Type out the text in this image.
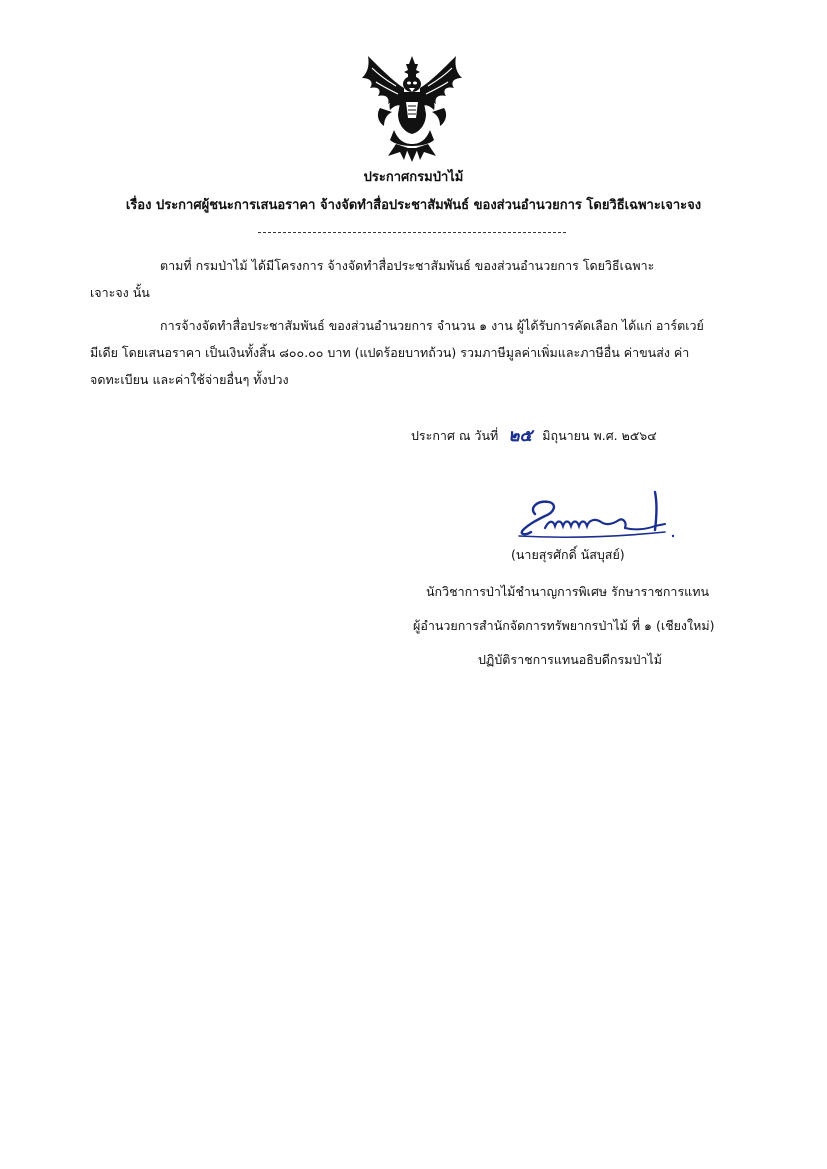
ประกาศกรมป่าไม้
เรื่อง ประกาศผู้ชนะการเสนอราคา จ้างจัดทำสื่อประชาสัมพันธ์ ของส่วนอำนวยการ โดยวิธีเฉพาะเจาะจง
ตามที่ กรมป่าไม้ ได้มีโครงการ จ้างจัดทำสื่อประชาสัมพันธ์ ของส่วนอำนวยการ โดยวิธีเฉพาะ
เจาะจง นั้น
การจ้างจัดทำสื่อประชาสัมพันธ์ ของส่วนอำนวยการ จำนวน ๑ งาน ผู้ได้รับการคัดเลือก ได้แก่ อาร์ตเวย์
มีเดีย โดยเสนอราคา เป็นเงินทั้งสิ้น ๘๐๐.๐๐ บาท (แปดร้อยบาทถ้วน) รวมภาษีมูลค่าเพิ่มและภาษีอื่น ค่าขนส่ง ค่า
จดทะเบียน และค่าใช้จ่ายอื่นๆ ทั้งปวง
ประกาศ ณ วันที่ ๒๕ มิถุนายน พ.ศ. ๒๕๖๔
(นายสุรศักดิ์ นัสบุสย์)
นักวิชาการป่าไม้ชำนาญการพิเศษ รักษาราชการแทน
ผู้อำนวยการสำนักจัดการทรัพยากรป่าไม้ ที่ ๑ (เชียงใหม่)
ปฏิบัติราชการแทนอธิบดีกรมป่าไม้
